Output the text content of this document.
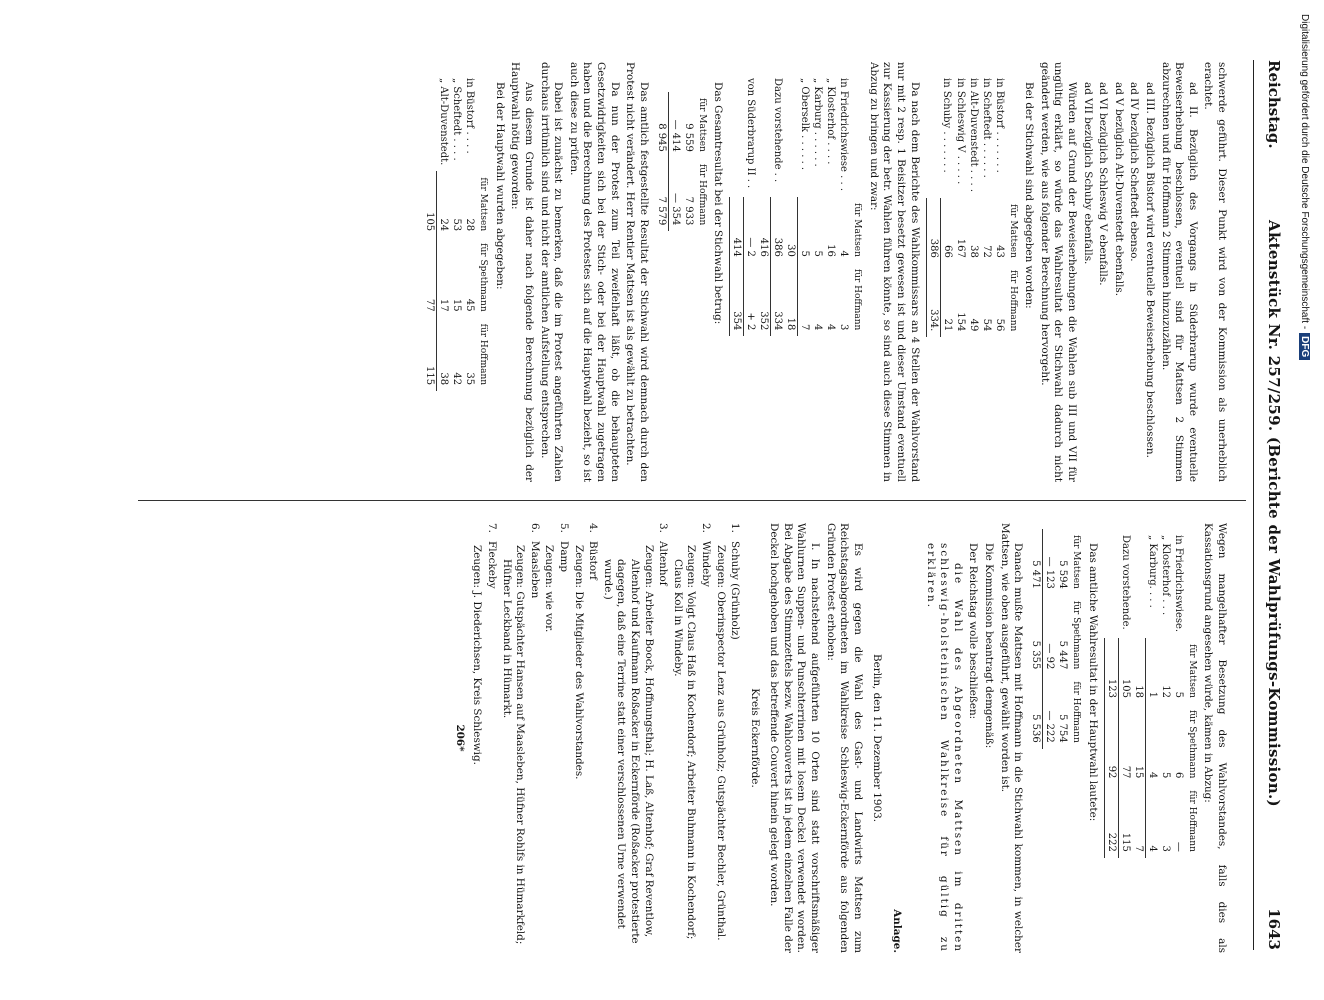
Digitalisierung gefördert durch die Deutsche Forschungsgemeinschaft -DFG
Reichstag.
Aktenstück Nr. 257/259. (Berichte der Wahlprüfungs-Kommission.)
1643

schwerde geführt. Dieser Punkt wird von der Kommission als unerheblich erachtet.

ad II. Bezüglich des Vorgangs in Süderbrarup wurde eventuelle Beweiserhebung beschlossen, eventuell sind für Mattsen 2 Stimmen abzurechnen und für Hoffmann 2 Stimmen hinzuzuzählen.

ad III. Bezüglich Büstorf wird eventuelle Beweiserhebung beschlossen.

ad IV bezüglich Scheftedt ebenso.

ad V bezüglich Alt-Duvenstedt ebenfalls.

ad VI bezüglich Schleswig V ebenfalls.

ad VII bezüglich Schuby ebenfalls.

Würden auf Grund der Beweiserhebungen die Wahlen sub III und VII für ungültig erklärt, so würde das Wahlresultat der Stichwahl dadurch nicht geändert werden, wie aus folgender Berechnung hervorgeht.

Bei der Stichwahl sind abgegeben worden:

	für Mattsen	für Hoffmann
in Büstorf . . . . . . .	43	56
in Scheftedt . . . . . .	72	54
in Alt-Duvenstedt . . . .	38	49
in Schleswig V . . . . .	167	154
in Schuby . . . . . . .	66	21
	386	334.

Da nach dem Berichte des Wahlkommissars an 4 Stellen der Wahlvorstand nur mit 2 resp. 1 Beisitzer besetzt gewesen ist und dieser Umstand eventuell zur Kassierung der betr. Wahlen führen könnte, so sind auch diese Stimmen in Abzug zu bringen und zwar:

	für Mattsen	für Hoffmann
in Friedrichswiese . . .	4	3
„ Klosterhof . . . .	16	4
„ Karburg . . . . . .	5	4
„ Oberselk . . . . . .	5	7
	30	18
Dazu vorstehende . .	386	334
	416	352
von Süderbrarup II . .	— 2	+ 2
	414	354

Das Gesamtresultat bei der Stichwahl betrug:

für Mattsen	für Hoffmann
9 559	7 933
— 414	— 354
8 945	7 579

Das amtlich festgestellte Resultat der Stichwahl wird demnach durch den Protest nicht verändert. Herr Rentier Mattsen ist als gewählt zu betrachten.

Da nun der Protest zum Teil zweifelhaft läßt, ob die behaupteten Gesetzwidrigkeiten sich bei der Stich- oder bei der Hauptwahl zugetragen haben und die Berechnung des Protestes sich auf die Hauptwahl bezieht, so ist auch diese zu prüfen.

Dabei ist zunächst zu bemerken, daß die im Protest angeführten Zahlen durchaus irrtümlich sind und nicht der amtlichen Aufstellung entsprechen.

Aus diesem Grunde ist daher nach folgende Berechnung bezüglich der Hauptwahl nötig geworden:

Bei der Hauptwahl wurden abgegeben:

	für Mattsen	für Spethmann	für Hoffmann
in Büstorf . . . .	28	45	35
„ Scheftedt . . . .	53	15	42
„ Alt-Duvenstedt.	24	17	38
	105	77	115

Wegen mangelhafter Besetzung des Wahlvorstandes, falls dies als Kassationsgrund angesehen würde, kämen in Abzug:

	für Mattsen	für Spethmann	für Hoffmann
in Friedrichswiese.	5	6	—
„ Klosterhof . . .	12	5	3
„ Karburg. . . .	1	4	4
	18	15	7
Dazu vorstehende.	105	77	115
	123	92	222

Das amtliche Wahlresultat in der Hauptwahl lautete:

für Mattsen	für Spethmann	für Hoffmann
5 594	5 447	5 754
— 123	— 92	— 222
5 471	5 355	5 536

Danach mußte Mattsen mit Hoffmann in die Stichwahl kommen, in welcher Mattsen, wie oben ausgeführt, gewählt worden ist.

Die Kommission beantragt demgemäß:

Der Reichstag wolle beschließen:

die Wahl des Abgeordneten Mattsen im dritten schleswig-holsteinischen Wahlkreise für gültig zu erklären.

Anlage.

Berlin, den 11. Dezember 1903.

Es wird gegen die Wahl des Gast- und Landwirts Mattsen zum Reichstagsabgeordneten im Wahlkreise Schleswig-Eckernförde aus folgenden Gründen Protest erhoben:

I. In nachstehend aufgeführten 10 Orten sind statt vorschriftsmäßiger Wahlurnen Suppen- und Punschterrinen mit losem Deckel verwendet worden. Bei Abgabe des Stimmzettels bezw. Wahlcouverts ist in jedem einzelnen Falle der Deckel hochgehoben und das betreffende Couvert hinein gelegt worden.

Kreis Eckernförde.

1.Schuby (Grünholz)
Zeugen: Oberinspector Lenz aus Grünholz; Gutspächter Bechler, Grünthal.
2.Windeby
Zeugen: Voigt Claus Haß in Kochendorf; Arbeiter Buhmann in Kochendorf; Claus Koll in Windeby.
3.Altenhof
Zeugen: Arbeiter Boock, Hoffnungsthal; H. Laß, Altenhof; Graf Reventlow, Altenhof und Kaufmann Roßacker in Eckernförde (Roßacker protestierte dagegen, daß eine Terrine statt einer verschlossenen Urne verwendet wurde.)
4.Büstorf
Zeugen: Die Mitglieder des Wahlvorstandes.
5.Damp
Zeugen: wie vor.
6.Maasleben
Zeugen: Gutspächter Hansen auf Maasleben, Hüfner Rohlfs in Hümarkfeld; Hüfner Leckband in Hümarkt.
7.Fleckeby
Zeugen: J. Diederichsen, Kreis Schleswig.

206*
